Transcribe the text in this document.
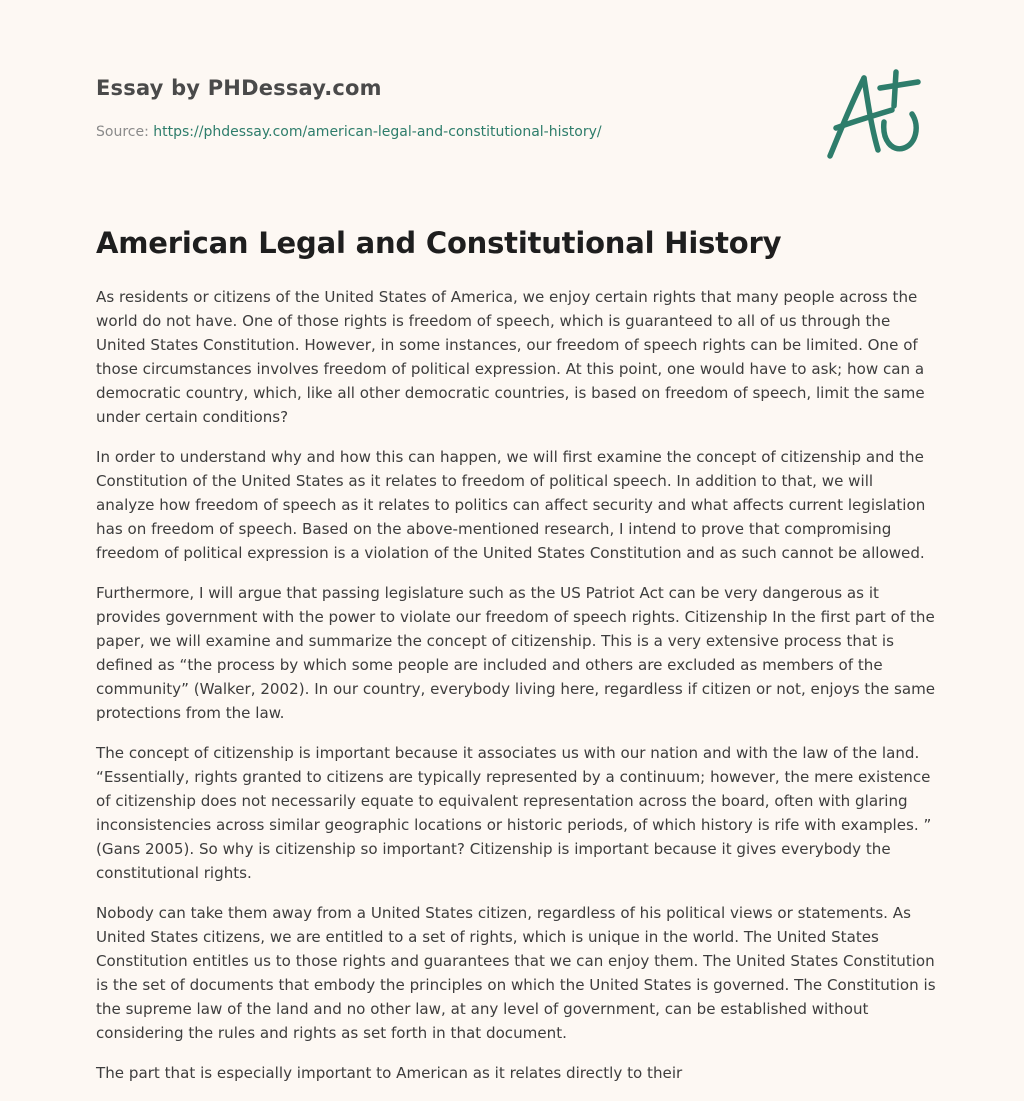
Essay by PHDessay.com
Source: https://phdessay.com/american-legal-and-constitutional-history/
American Legal and Constitutional History

As residents or citizens of the United States of America, we enjoy certain rights that many people across the world do not have. One of those rights is freedom of speech, which is guaranteed to all of us through the United States Constitution. However, in some instances, our freedom of speech rights can be limited. One of those circumstances involves freedom of political expression. At this point, one would have to ask; how can a democratic country, which, like all other democratic countries, is based on freedom of speech, limit the same under certain conditions?

In order to understand why and how this can happen, we will first examine the concept of citizenship and the Constitution of the United States as it relates to freedom of political speech. In addition to that, we will analyze how freedom of speech as it relates to politics can affect security and what affects current legislation has on freedom of speech. Based on the above-mentioned research, I intend to prove that compromising freedom of political expression is a violation of the United States Constitution and as such cannot be allowed.

Furthermore, I will argue that passing legislature such as the US Patriot Act can be very dangerous as it provides government with the power to violate our freedom of speech rights. Citizenship In the first part of the paper, we will examine and summarize the concept of citizenship. This is a very extensive process that is defined as “the process by which some people are included and others are excluded as members of the community” (Walker, 2002). In our country, everybody living here, regardless if citizen or not, enjoys the same protections from the law.

The concept of citizenship is important because it associates us with our nation and with the law of the land. “Essentially, rights granted to citizens are typically represented by a continuum; however, the mere existence of citizenship does not necessarily equate to equivalent representation across the board, often with glaring inconsistencies across similar geographic locations or historic periods, of which history is rife with examples. ” (Gans 2005). So why is citizenship so important? Citizenship is important because it gives everybody the constitutional rights.

Nobody can take them away from a United States citizen, regardless of his political views or statements. As United States citizens, we are entitled to a set of rights, which is unique in the world. The United States Constitution entitles us to those rights and guarantees that we can enjoy them. The United States Constitution is the set of documents that embody the principles on which the United States is governed. The Constitution is the supreme law of the land and no other law, at any level of government, can be established without considering the rules and rights as set forth in that document.

The part that is especially important to American as it relates directly to their
